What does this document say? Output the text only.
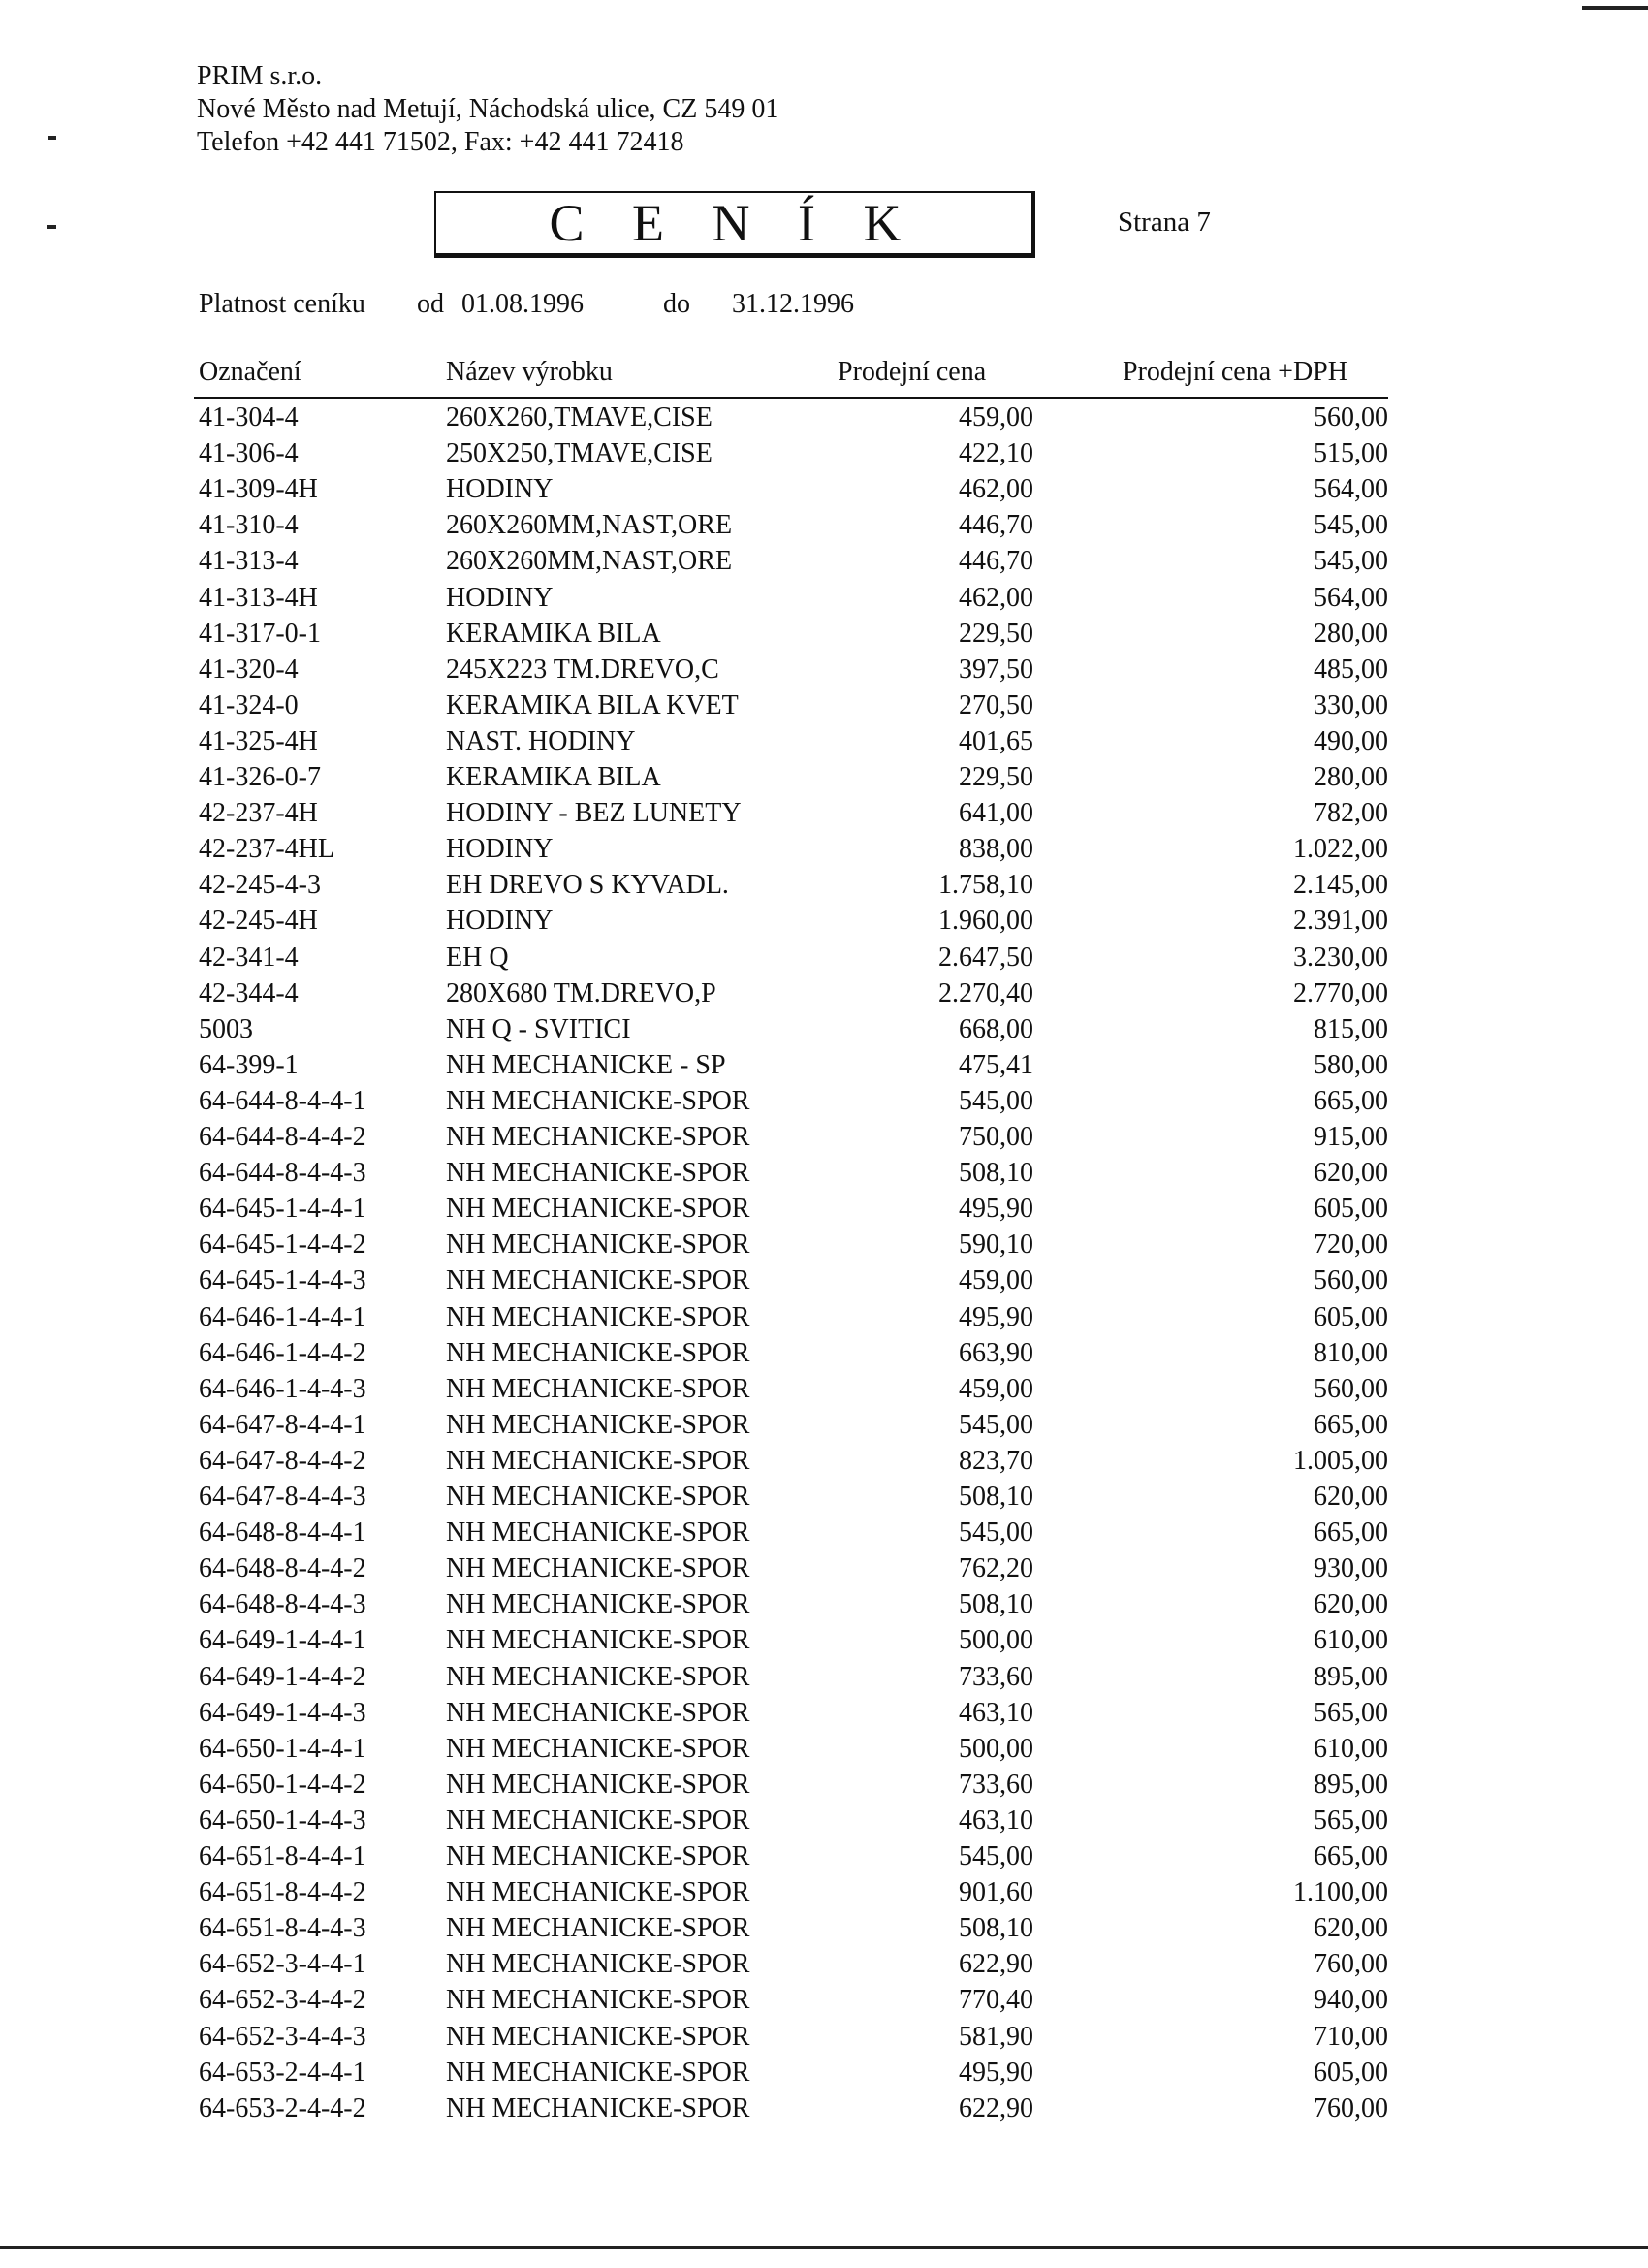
PRIM s.r.o.
Nové Město nad Metují, Náchodská ulice, CZ 549 01
Telefon +42 441 71502, Fax: +42 441 72418
C E N Í K	Strana 7
Platnost ceníku od 01.08.1996	do 31.12.1996
Označení	Název výrobku	Prodejní cena	Prodejní cena +DPH
41-304-4	260X260,TMAVE,CISE	459,00	560,00
41-306-4	250X250,TMAVE,CISE	422,10	515,00
41-309-4H	HODINY	462,00	564,00
41-310-4	260X260MM,NAST,ORE	446,70	545,00
41-313-4	260X260MM,NAST,ORE	446,70	545,00
41-313-4H	HODINY	462,00	564,00
41-317-0-1	KERAMIKA BILA	229,50	280,00
41-320-4	245X223 TM.DREVO,C	397,50	485,00
41-324-0	KERAMIKA BILA KVET	270,50	330,00
41-325-4H	NAST. HODINY	401,65	490,00
41-326-0-7	KERAMIKA BILA	229,50	280,00
42-237-4H	HODINY - BEZ LUNETY	641,00	782,00
42-237-4HL	HODINY	838,00	1.022,00
42-245-4-3	EH DREVO S KYVADL.	1.758,10	2.145,00
42-245-4H	HODINY	1.960,00	2.391,00
42-341-4	EH Q	2.647,50	3.230,00
42-344-4	280X680 TM.DREVO,P	2.270,40	2.770,00
5003	NH Q - SVITICI	668,00	815,00
64-399-1	NH MECHANICKE - SP	475,41	580,00
64-644-8-4-4-1	NH MECHANICKE-SPOR	545,00	665,00
64-644-8-4-4-2	NH MECHANICKE-SPOR	750,00	915,00
64-644-8-4-4-3	NH MECHANICKE-SPOR	508,10	620,00
64-645-1-4-4-1	NH MECHANICKE-SPOR	495,90	605,00
64-645-1-4-4-2	NH MECHANICKE-SPOR	590,10	720,00
64-645-1-4-4-3	NH MECHANICKE-SPOR	459,00	560,00
64-646-1-4-4-1	NH MECHANICKE-SPOR	495,90	605,00
64-646-1-4-4-2	NH MECHANICKE-SPOR	663,90	810,00
64-646-1-4-4-3	NH MECHANICKE-SPOR	459,00	560,00
64-647-8-4-4-1	NH MECHANICKE-SPOR	545,00	665,00
64-647-8-4-4-2	NH MECHANICKE-SPOR	823,70	1.005,00
64-647-8-4-4-3	NH MECHANICKE-SPOR	508,10	620,00
64-648-8-4-4-1	NH MECHANICKE-SPOR	545,00	665,00
64-648-8-4-4-2	NH MECHANICKE-SPOR	762,20	930,00
64-648-8-4-4-3	NH MECHANICKE-SPOR	508,10	620,00
64-649-1-4-4-1	NH MECHANICKE-SPOR	500,00	610,00
64-649-1-4-4-2	NH MECHANICKE-SPOR	733,60	895,00
64-649-1-4-4-3	NH MECHANICKE-SPOR	463,10	565,00
64-650-1-4-4-1	NH MECHANICKE-SPOR	500,00	610,00
64-650-1-4-4-2	NH MECHANICKE-SPOR	733,60	895,00
64-650-1-4-4-3	NH MECHANICKE-SPOR	463,10	565,00
64-651-8-4-4-1	NH MECHANICKE-SPOR	545,00	665,00
64-651-8-4-4-2	NH MECHANICKE-SPOR	901,60	1.100,00
64-651-8-4-4-3	NH MECHANICKE-SPOR	508,10	620,00
64-652-3-4-4-1	NH MECHANICKE-SPOR	622,90	760,00
64-652-3-4-4-2	NH MECHANICKE-SPOR	770,40	940,00
64-652-3-4-4-3	NH MECHANICKE-SPOR	581,90	710,00
64-653-2-4-4-1	NH MECHANICKE-SPOR	495,90	605,00
64-653-2-4-4-2	NH MECHANICKE-SPOR	622,90	760,00
